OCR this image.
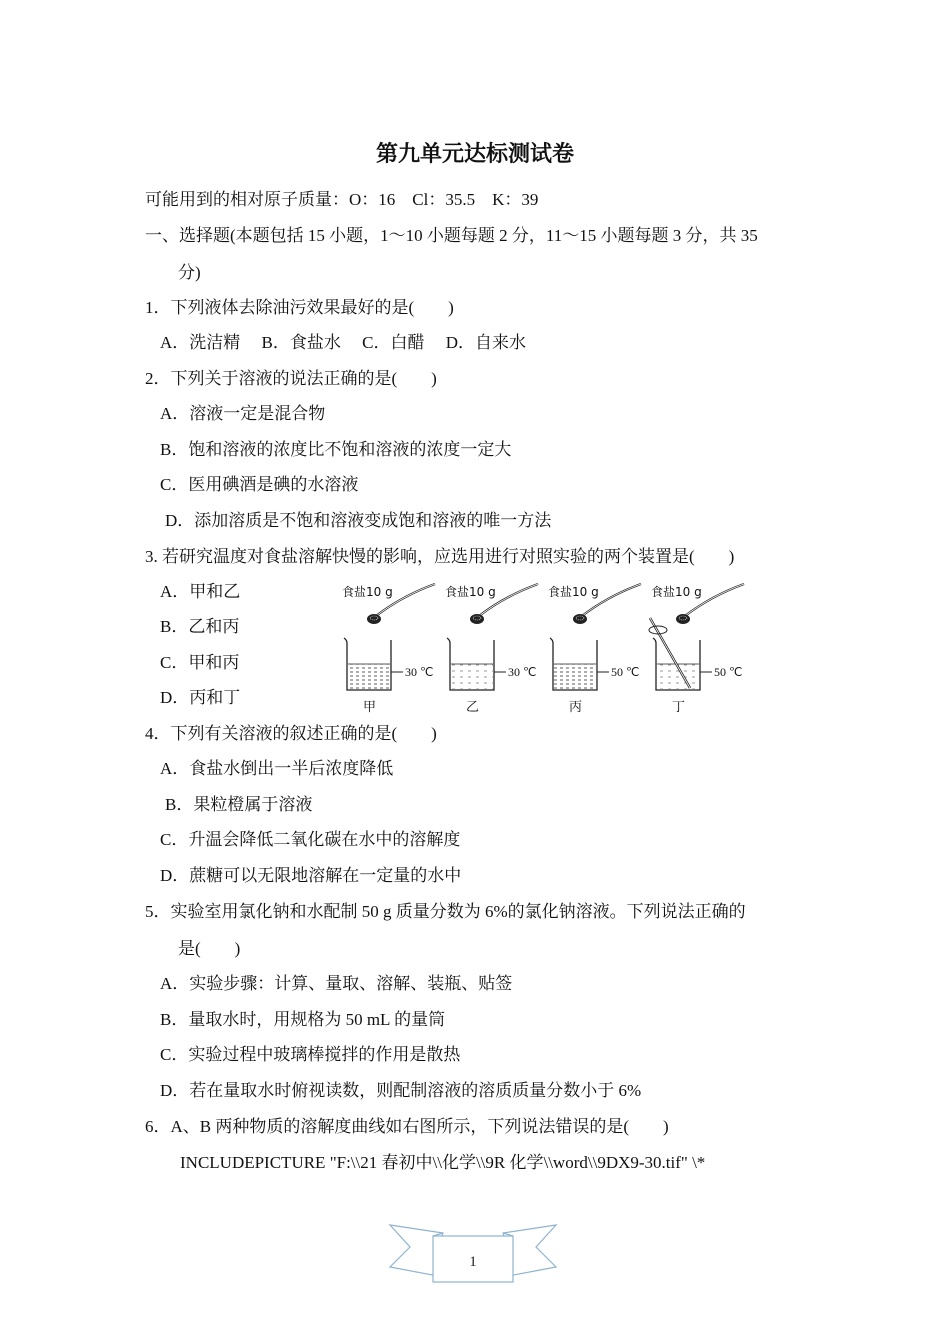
第九单元达标测试卷
可能用到的相对原子质量：O：16　Cl：35.5　K：39
一、选择题(本题包括 15 小题，1～10 小题每题 2 分，11～15 小题每题 3 分，共 35
分)
1．下列液体去除油污效果最好的是(　　)
A．洗洁精　 B．食盐水　 C．白醋　 D．自来水
2．下列关于溶液的说法正确的是(　　)
A．溶液一定是混合物
B．饱和溶液的浓度比不饱和溶液的浓度一定大
C．医用碘酒是碘的水溶液
D．添加溶质是不饱和溶液变成饱和溶液的唯一方法
3. 若研究温度对食盐溶解快慢的影响，应选用进行对照实验的两个装置是(　　)
A．甲和乙
B．乙和丙
C．甲和丙
D．丙和丁
食盐10 g
30 ℃
甲
食盐10 g
30 ℃
乙
食盐10 g
50 ℃
丙
食盐10 g
50 ℃
丁
4．下列有关溶液的叙述正确的是(　　)
A．食盐水倒出一半后浓度降低
B．果粒橙属于溶液
C．升温会降低二氧化碳在水中的溶解度
D．蔗糖可以无限地溶解在一定量的水中
5．实验室用氯化钠和水配制 50 g 质量分数为 6%的氯化钠溶液。下列说法正确的
是(　　)
A．实验步骤：计算、量取、溶解、装瓶、贴签
B．量取水时，用规格为 50 mL 的量筒
C．实验过程中玻璃棒搅拌的作用是散热
D．若在量取水时俯视读数，则配制溶液的溶质质量分数小于 6%
6．A、B 两种物质的溶解度曲线如右图所示，下列说法错误的是(　　)
INCLUDEPICTURE "F:\\21 春初中\\化学\\9R 化学\\word\\9DX9-30.tif" \*
1
